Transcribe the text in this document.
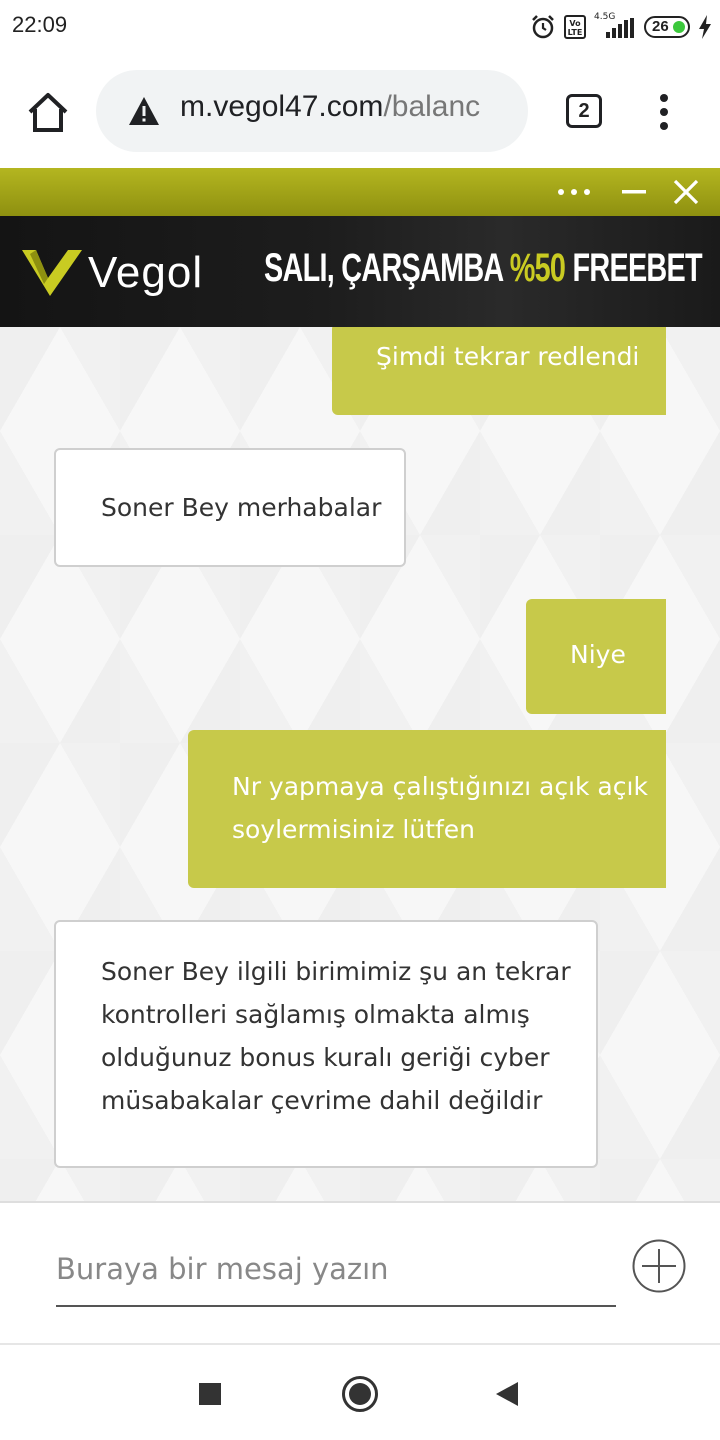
22:09	Vo LTE
4.5G
26
m.vegol47.com/balanc	2
Vegol SALI, ÇARŞAMBA %50 FREEBET
Şimdi tekrar redlendi
Soner Bey merhabalar
Niye
Nr yapmaya çalıştığınızı açık açık
soylermisiniz lütfen
Soner Bey ilgili birimimiz şu an tekrar
kontrolleri sağlamış olmakta almış
olduğunuz bonus kuralı geriği cyber
müsabakalar çevrime dahil değildir
Buraya bir mesaj yazın
